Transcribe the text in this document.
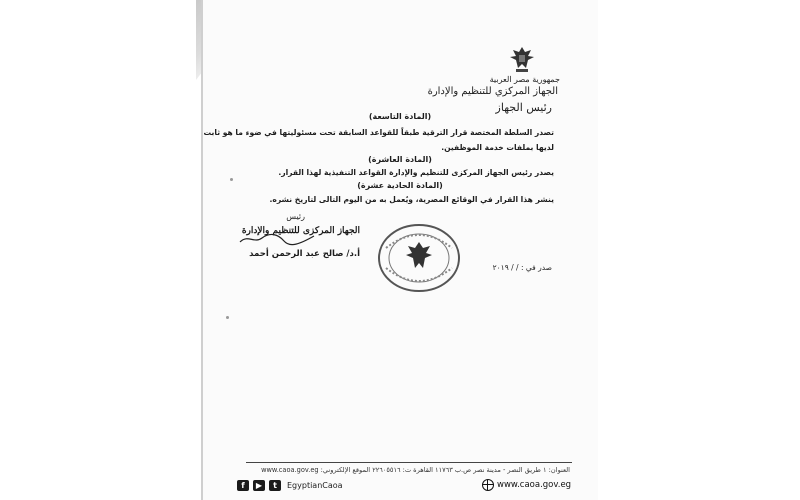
جمهورية مصر العربية
الجهاز المركزي للتنظيم والإدارة
رئيس الجهاز
(المادة التاسعة)
تصدر السلطة المختصة قرار الترقية طبقاً للقواعد السابقة تحت مسئوليتها في ضوء ما هو ثابت
لديها بملفات خدمة الموظفين.
(المادة العاشرة)
يصدر رئيس الجهاز المركزى للتنظيم والإدارة القواعد التنفيذية لهذا القرار.
(المادة الحادية عشرة)
ينشر هذا القرار في الوقائع المصرية، ويُعمل به من اليوم التالى لتاريخ نشره.
رئيس
الجهاز المركزى للتنظيم والإدارة
أ.د/ صالح عبد الرحمن أحمد
صدر في : / / ٢٠١٩
العنوان: ١ طريق النصر - مدينة نصر ص.ب ١١٧٦٣ القاهرة ت: ٢٢٦٠٥٥١٦ الموقع الإلكتروني: www.caoa.gov.eg
f	▶	t	EgyptianCaoa	www.caoa.gov.eg
